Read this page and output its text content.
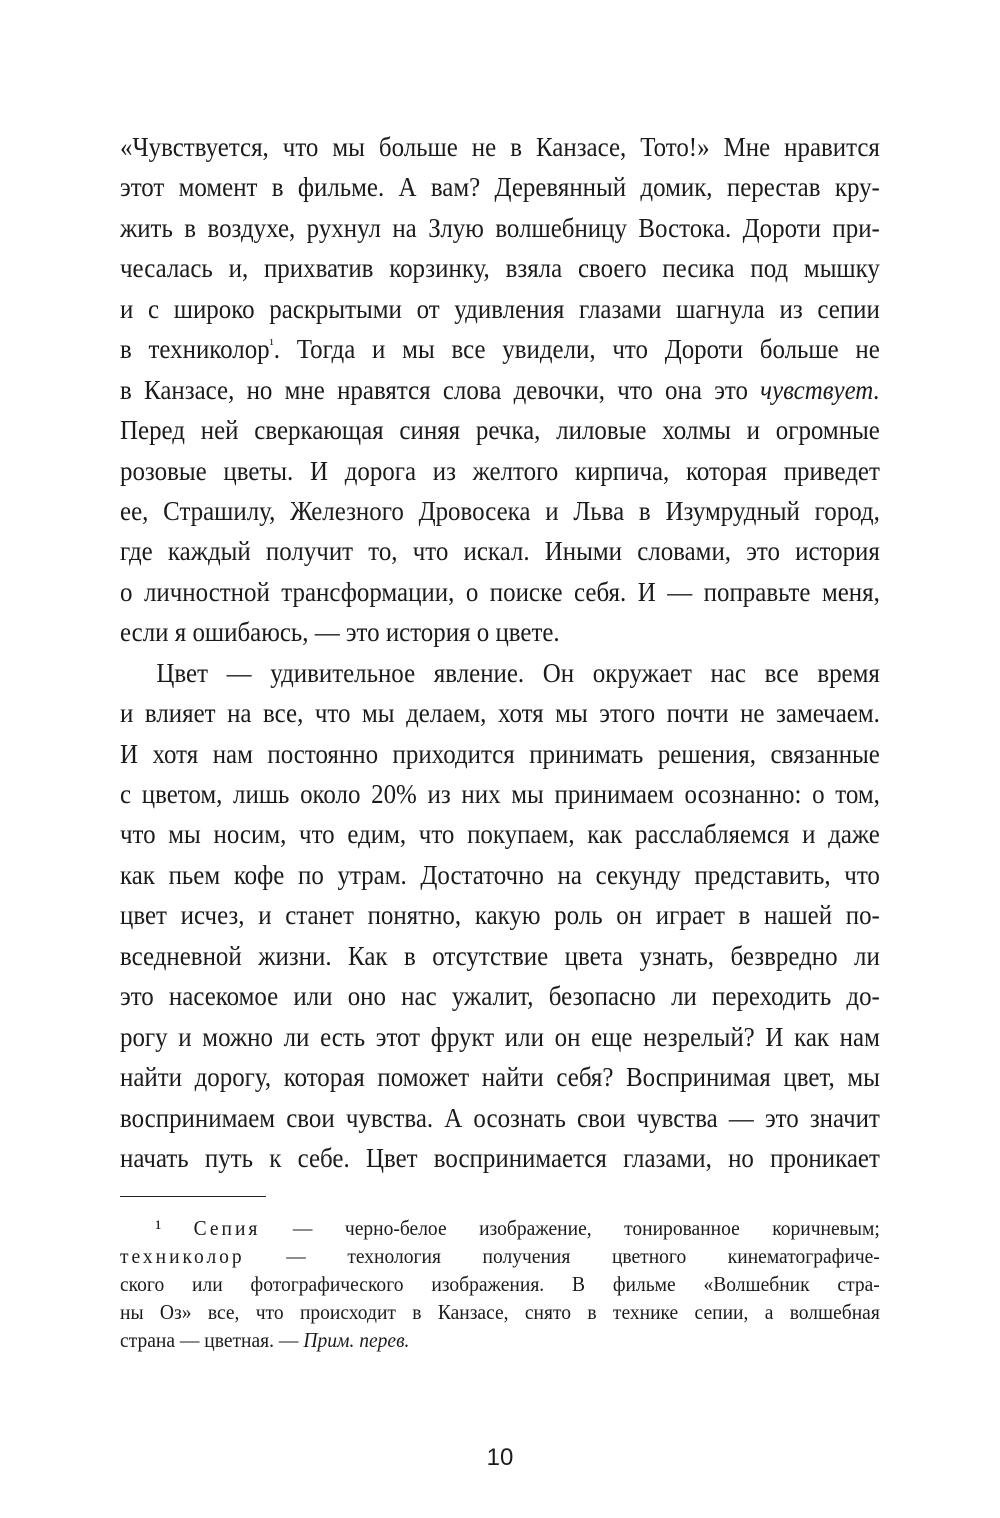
«Чувствуется, что мы больше не в Канзасе, Тото!» Мне нравится
этот момент в фильме. А вам? Деревянный домик, перестав кру-
жить в воздухе, рухнул на Злую волшебницу Востока. Дороти при-
чесалась и, прихватив корзинку, взяла своего песика под мышку
и с широко раскрытыми от удивления глазами шагнула из сепии
в техниколор$^{^1}$. Тогда и мы все увидели, что Дороти больше не
в Канзасе, но мне нравятся слова девочки, что она это чувствует.
Перед ней сверкающая синяя речка, лиловые холмы и огромные
розовые цветы. И дорога из желтого кирпича, которая приведет
ее, Страшилу, Железного Дровосека и Льва в Изумрудный город,
где каждый получит то, что искал. Иными словами, это история
о личностной трансформации, о поиске себя. И — поправьте меня,
если я ошибаюсь, — это история о цвете.
Цвет — удивительное явление. Он окружает нас все время
и влияет на все, что мы делаем, хотя мы этого почти не замечаем.
И хотя нам постоянно приходится принимать решения, связанные
с цветом, лишь около 20% из них мы принимаем осознанно: о том,
что мы носим, что едим, что покупаем, как расслабляемся и даже
как пьем кофе по утрам. Достаточно на секунду представить, что
цвет исчез, и станет понятно, какую роль он играет в нашей по-
вседневной жизни. Как в отсутствие цвета узнать, безвредно ли
это насекомое или оно нас ужалит, безопасно ли переходить до-
рогу и можно ли есть этот фрукт или он еще незрелый? И как нам
найти дорогу, которая поможет найти себя? Воспринимая цвет, мы
воспринимаем свои чувства. А осознать свои чувства — это значит
начать путь к себе. Цвет воспринимается глазами, но проникает
¹ Сепия — черно-белое изображение, тонированное коричневым;
техниколор — технология получения цветного кинематографиче-
ского или фотографического изображения. В фильме «Волшебник стра-
ны Оз» все, что происходит в Канзасе, снято в технике сепии, а волшебная
страна — цветная. — Прим. перев.
10
